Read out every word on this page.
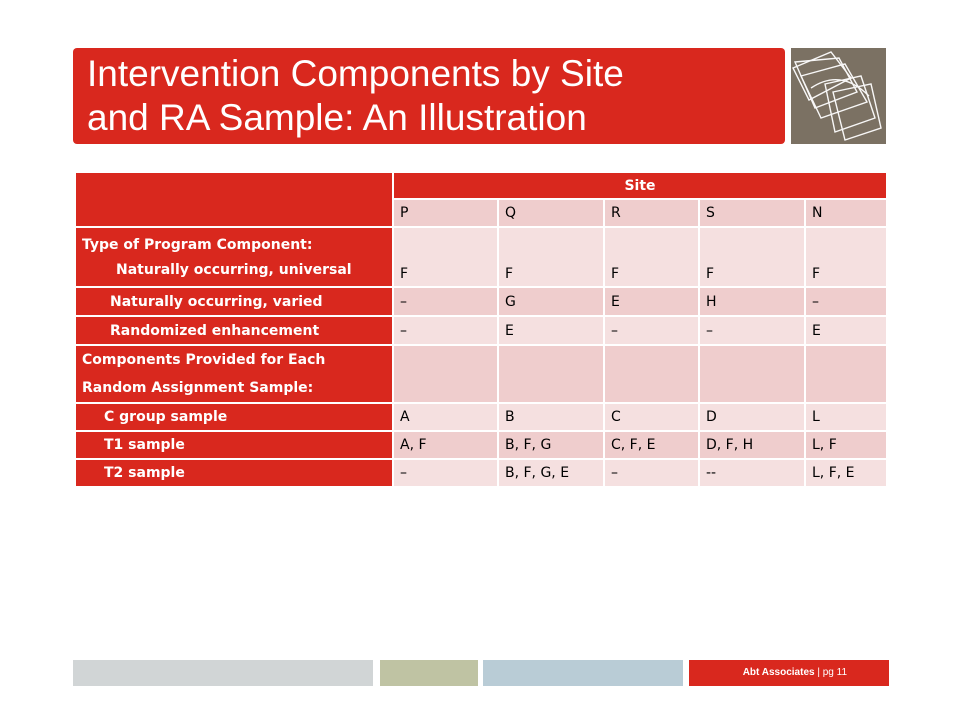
Intervention Components by Site
and RA Sample: An Illustration
	Site				
	P	Q	R	S	N

Type of Program Component:
Naturally occurring, universal	F	F	F	F	F
Naturally occurring, varied	–	G	E	H	–
Randomized enhancement	–	E	–	–	E

Components Provided for Each
Random Assignment Sample:					

C group sample	A	B	C	D	L
T1 sample	A, F	B, F, G	C, F, E	D, F, H	L, F
T2 sample	–	B, F, G, E	–	--	L, F, E
Abt Associates | pg 11
